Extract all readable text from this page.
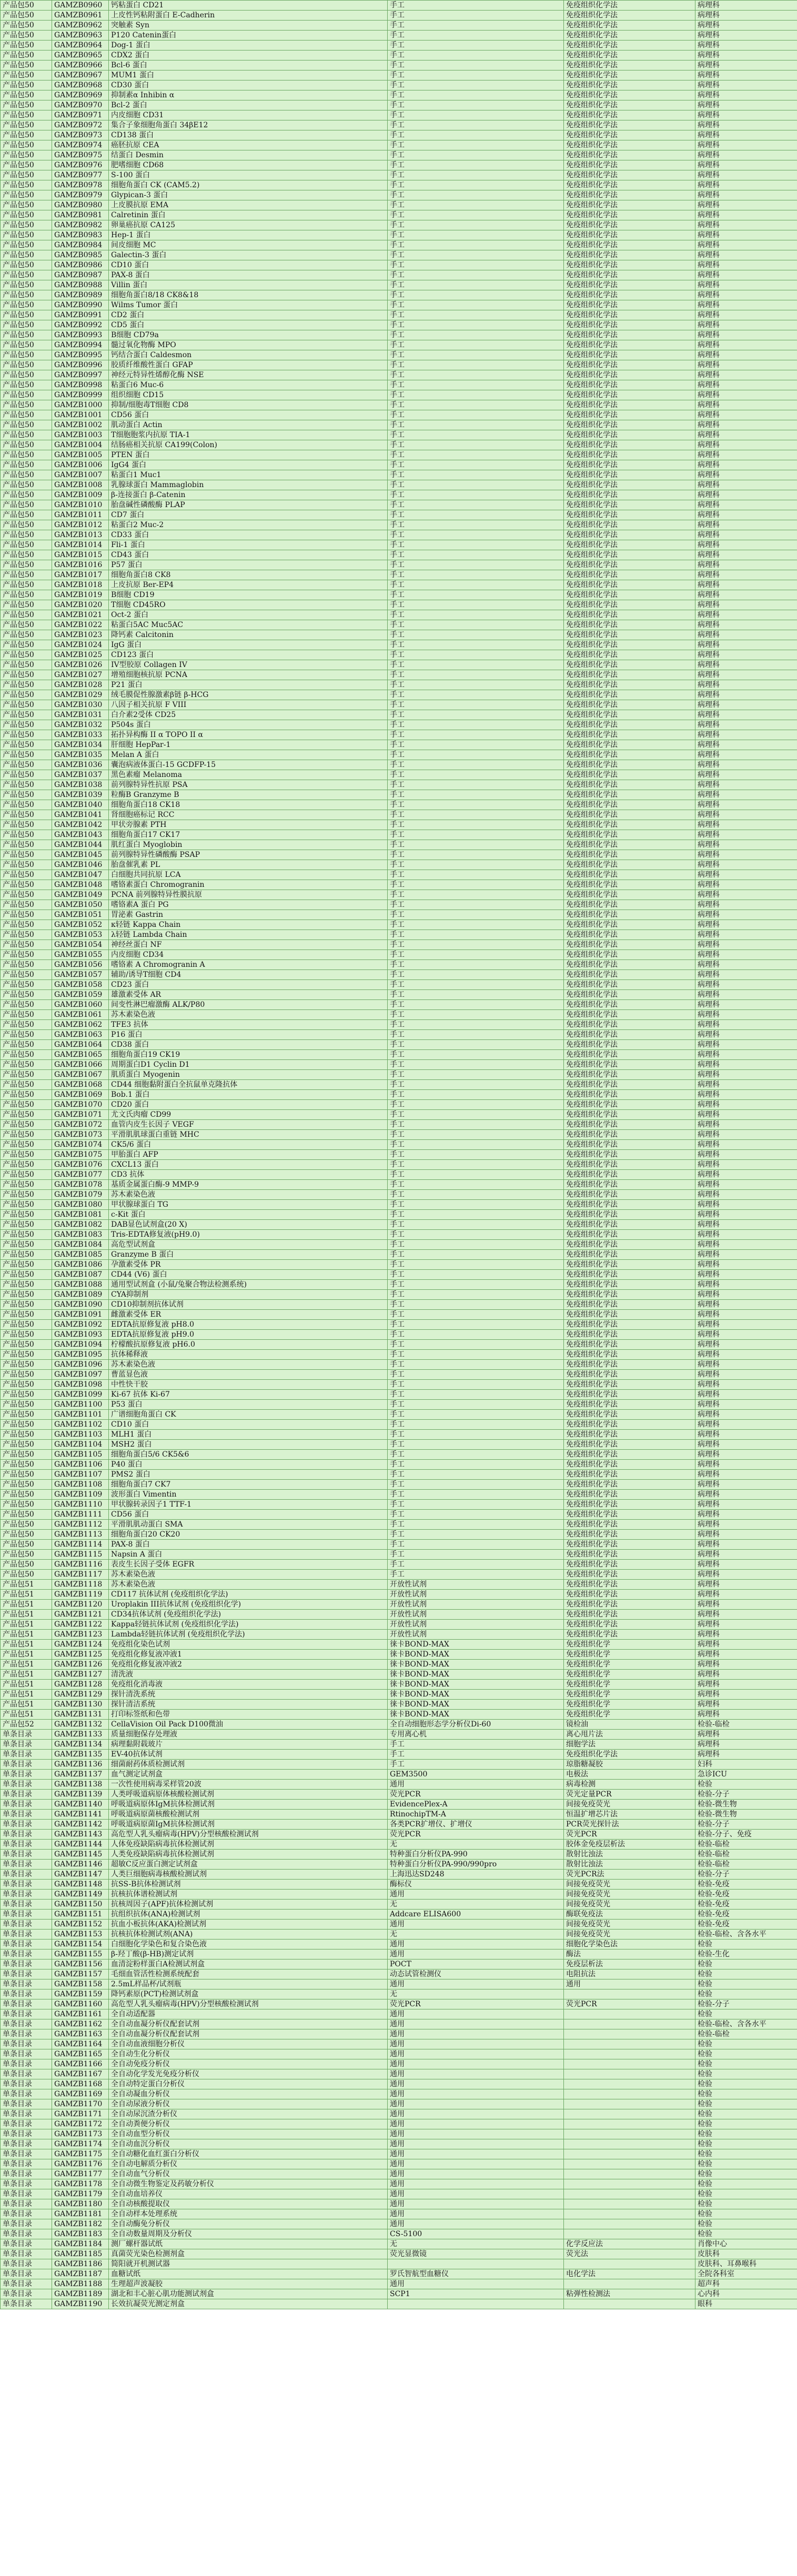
产品包50	GAMZB0960	钙粘蛋白 CD21	手工	免疫组织化学法	病理科
产品包50	GAMZB0961	上皮性钙粘附蛋白 E-Cadherin	手工	免疫组织化学法	病理科
产品包50	GAMZB0962	突触素 Syn	手工	免疫组织化学法	病理科
产品包50	GAMZB0963	P120 Catenin蛋白	手工	免疫组织化学法	病理科
产品包50	GAMZB0964	Dog-1 蛋白	手工	免疫组织化学法	病理科
产品包50	GAMZB0965	CDX2 蛋白	手工	免疫组织化学法	病理科
产品包50	GAMZB0966	Bcl-6 蛋白	手工	免疫组织化学法	病理科
产品包50	GAMZB0967	MUM1 蛋白	手工	免疫组织化学法	病理科
产品包50	GAMZB0968	CD30 蛋白	手工	免疫组织化学法	病理科
产品包50	GAMZB0969	抑制素α Inhibin α	手工	免疫组织化学法	病理科
产品包50	GAMZB0970	Bcl-2 蛋白	手工	免疫组织化学法	病理科
产品包50	GAMZB0971	内皮细胞 CD31	手工	免疫组织化学法	病理科
产品包50	GAMZB0972	集合子象细胞角蛋白 34βE12	手工	免疫组织化学法	病理科
产品包50	GAMZB0973	CD138 蛋白	手工	免疫组织化学法	病理科
产品包50	GAMZB0974	癌胚抗原 CEA	手工	免疫组织化学法	病理科
产品包50	GAMZB0975	结蛋白 Desmin	手工	免疫组织化学法	病理科
产品包50	GAMZB0976	肥嗜细胞 CD68	手工	免疫组织化学法	病理科
产品包50	GAMZB0977	S-100 蛋白	手工	免疫组织化学法	病理科
产品包50	GAMZB0978	细胞角蛋白 CK (CAM5.2)	手工	免疫组织化学法	病理科
产品包50	GAMZB0979	Glypican-3 蛋白	手工	免疫组织化学法	病理科
产品包50	GAMZB0980	上皮膜抗原 EMA	手工	免疫组织化学法	病理科
产品包50	GAMZB0981	Calretinin 蛋白	手工	免疫组织化学法	病理科
产品包50	GAMZB0982	卵巢癌抗原 CA125	手工	免疫组织化学法	病理科
产品包50	GAMZB0983	Hep-1 蛋白	手工	免疫组织化学法	病理科
产品包50	GAMZB0984	间皮细胞 MC	手工	免疫组织化学法	病理科
产品包50	GAMZB0985	Galectin-3 蛋白	手工	免疫组织化学法	病理科
产品包50	GAMZB0986	CD10 蛋白	手工	免疫组织化学法	病理科
产品包50	GAMZB0987	PAX-8 蛋白	手工	免疫组织化学法	病理科
产品包50	GAMZB0988	Villin 蛋白	手工	免疫组织化学法	病理科
产品包50	GAMZB0989	细胞角蛋白8/18 CK8&18	手工	免疫组织化学法	病理科
产品包50	GAMZB0990	Wilms Tumor 蛋白	手工	免疫组织化学法	病理科
产品包50	GAMZB0991	CD2 蛋白	手工	免疫组织化学法	病理科
产品包50	GAMZB0992	CD5 蛋白	手工	免疫组织化学法	病理科
产品包50	GAMZB0993	B细胞 CD79a	手工	免疫组织化学法	病理科
产品包50	GAMZB0994	髓过氧化物酶 MPO	手工	免疫组织化学法	病理科
产品包50	GAMZB0995	钙结合蛋白 Caldesmon	手工	免疫组织化学法	病理科
产品包50	GAMZB0996	胶质纤维酸性蛋白 GFAP	手工	免疫组织化学法	病理科
产品包50	GAMZB0997	神经元特异性烯醇化酶 NSE	手工	免疫组织化学法	病理科
产品包50	GAMZB0998	粘蛋白6 Muc-6	手工	免疫组织化学法	病理科
产品包50	GAMZB0999	组织细胞 CD15	手工	免疫组织化学法	病理科
产品包50	GAMZB1000	抑制/细胞毒T细胞 CD8	手工	免疫组织化学法	病理科
产品包50	GAMZB1001	CD56 蛋白	手工	免疫组织化学法	病理科
产品包50	GAMZB1002	肌动蛋白 Actin	手工	免疫组织化学法	病理科
产品包50	GAMZB1003	T细胞胞浆内抗原 TIA-1	手工	免疫组织化学法	病理科
产品包50	GAMZB1004	结肠癌相关抗原 CA199(Colon)	手工	免疫组织化学法	病理科
产品包50	GAMZB1005	PTEN 蛋白	手工	免疫组织化学法	病理科
产品包50	GAMZB1006	IgG4 蛋白	手工	免疫组织化学法	病理科
产品包50	GAMZB1007	粘蛋白1 Muc1	手工	免疫组织化学法	病理科
产品包50	GAMZB1008	乳腺球蛋白 Mammaglobin	手工	免疫组织化学法	病理科
产品包50	GAMZB1009	β-连接蛋白 β-Catenin	手工	免疫组织化学法	病理科
产品包50	GAMZB1010	胎盘碱性磷酸酶 PLAP	手工	免疫组织化学法	病理科
产品包50	GAMZB1011	CD7 蛋白	手工	免疫组织化学法	病理科
产品包50	GAMZB1012	粘蛋白2 Muc-2	手工	免疫组织化学法	病理科
产品包50	GAMZB1013	CD33 蛋白	手工	免疫组织化学法	病理科
产品包50	GAMZB1014	Fli-1 蛋白	手工	免疫组织化学法	病理科
产品包50	GAMZB1015	CD43 蛋白	手工	免疫组织化学法	病理科
产品包50	GAMZB1016	P57 蛋白	手工	免疫组织化学法	病理科
产品包50	GAMZB1017	细胞角蛋白8 CK8	手工	免疫组织化学法	病理科
产品包50	GAMZB1018	上皮抗原 Ber-EP4	手工	免疫组织化学法	病理科
产品包50	GAMZB1019	B细胞 CD19	手工	免疫组织化学法	病理科
产品包50	GAMZB1020	T细胞 CD45RO	手工	免疫组织化学法	病理科
产品包50	GAMZB1021	Oct-2 蛋白	手工	免疫组织化学法	病理科
产品包50	GAMZB1022	粘蛋白5AC Muc5AC	手工	免疫组织化学法	病理科
产品包50	GAMZB1023	降钙素 Calcitonin	手工	免疫组织化学法	病理科
产品包50	GAMZB1024	IgG 蛋白	手工	免疫组织化学法	病理科
产品包50	GAMZB1025	CD123 蛋白	手工	免疫组织化学法	病理科
产品包50	GAMZB1026	IV型胶原 Collagen IV	手工	免疫组织化学法	病理科
产品包50	GAMZB1027	增殖细胞核抗原 PCNA	手工	免疫组织化学法	病理科
产品包50	GAMZB1028	P21 蛋白	手工	免疫组织化学法	病理科
产品包50	GAMZB1029	绒毛膜促性腺激素β链 β-HCG	手工	免疫组织化学法	病理科
产品包50	GAMZB1030	八因子相关抗原 F VIII	手工	免疫组织化学法	病理科
产品包50	GAMZB1031	白介素2受体 CD25	手工	免疫组织化学法	病理科
产品包50	GAMZB1032	P504s 蛋白	手工	免疫组织化学法	病理科
产品包50	GAMZB1033	拓扑异构酶 II α TOPO II α	手工	免疫组织化学法	病理科
产品包50	GAMZB1034	肝细胞 HepPar-1	手工	免疫组织化学法	病理科
产品包50	GAMZB1035	Melan A 蛋白	手工	免疫组织化学法	病理科
产品包50	GAMZB1036	囊泡病液体蛋白-15 GCDFP-15	手工	免疫组织化学法	病理科
产品包50	GAMZB1037	黑色素瘤 Melanoma	手工	免疫组织化学法	病理科
产品包50	GAMZB1038	前列腺特异性抗原 PSA	手工	免疫组织化学法	病理科
产品包50	GAMZB1039	粒酶B Granzyme B	手工	免疫组织化学法	病理科
产品包50	GAMZB1040	细胞角蛋白18 CK18	手工	免疫组织化学法	病理科
产品包50	GAMZB1041	肾细胞癌标记 RCC	手工	免疫组织化学法	病理科
产品包50	GAMZB1042	甲状旁腺素 PTH	手工	免疫组织化学法	病理科
产品包50	GAMZB1043	细胞角蛋白17 CK17	手工	免疫组织化学法	病理科
产品包50	GAMZB1044	肌红蛋白 Myoglobin	手工	免疫组织化学法	病理科
产品包50	GAMZB1045	前列腺特异性磷酸酶 PSAP	手工	免疫组织化学法	病理科
产品包50	GAMZB1046	胎盘催乳素 PL	手工	免疫组织化学法	病理科
产品包50	GAMZB1047	白细胞共同抗原 LCA	手工	免疫组织化学法	病理科
产品包50	GAMZB1048	嗜铬素蛋白 Chromogranin	手工	免疫组织化学法	病理科
产品包50	GAMZB1049	PCNA 前列腺特异性膜抗原	手工	免疫组织化学法	病理科
产品包50	GAMZB1050	嗜铬素A 蛋白 PG	手工	免疫组织化学法	病理科
产品包50	GAMZB1051	胃泌素 Gastrin	手工	免疫组织化学法	病理科
产品包50	GAMZB1052	κ轻链 Kappa Chain	手工	免疫组织化学法	病理科
产品包50	GAMZB1053	λ轻链 Lambda Chain	手工	免疫组织化学法	病理科
产品包50	GAMZB1054	神经丝蛋白 NF	手工	免疫组织化学法	病理科
产品包50	GAMZB1055	内皮细胞 CD34	手工	免疫组织化学法	病理科
产品包50	GAMZB1056	嗜铬素 A Chromogranin A	手工	免疫组织化学法	病理科
产品包50	GAMZB1057	辅助/诱导T细胞 CD4	手工	免疫组织化学法	病理科
产品包50	GAMZB1058	CD23 蛋白	手工	免疫组织化学法	病理科
产品包50	GAMZB1059	雄激素受体 AR	手工	免疫组织化学法	病理科
产品包50	GAMZB1060	间变性淋巴瘤激酶 ALK/P80	手工	免疫组织化学法	病理科
产品包50	GAMZB1061	苏木素染色液	手工	免疫组织化学法	病理科
产品包50	GAMZB1062	TFE3 抗体	手工	免疫组织化学法	病理科
产品包50	GAMZB1063	P16 蛋白	手工	免疫组织化学法	病理科
产品包50	GAMZB1064	CD38 蛋白	手工	免疫组织化学法	病理科
产品包50	GAMZB1065	细胞角蛋白19 CK19	手工	免疫组织化学法	病理科
产品包50	GAMZB1066	周期蛋白D1 Cyclin D1	手工	免疫组织化学法	病理科
产品包50	GAMZB1067	肌质蛋白 Myogenin	手工	免疫组织化学法	病理科
产品包50	GAMZB1068	CD44 细胞黏附蛋白全抗鼠单克隆抗体	手工	免疫组织化学法	病理科
产品包50	GAMZB1069	Bob.1 蛋白	手工	免疫组织化学法	病理科
产品包50	GAMZB1070	CD20 蛋白	手工	免疫组织化学法	病理科
产品包50	GAMZB1071	尤文氏肉瘤 CD99	手工	免疫组织化学法	病理科
产品包50	GAMZB1072	血管内皮生长因子 VEGF	手工	免疫组织化学法	病理科
产品包50	GAMZB1073	平滑肌肌球蛋白重链 MHC	手工	免疫组织化学法	病理科
产品包50	GAMZB1074	CK5/6 蛋白	手工	免疫组织化学法	病理科
产品包50	GAMZB1075	甲胎蛋白 AFP	手工	免疫组织化学法	病理科
产品包50	GAMZB1076	CXCL13 蛋白	手工	免疫组织化学法	病理科
产品包50	GAMZB1077	CD3 抗体	手工	免疫组织化学法	病理科
产品包50	GAMZB1078	基质金属蛋白酶-9 MMP-9	手工	免疫组织化学法	病理科
产品包50	GAMZB1079	苏木素染色液	手工	免疫组织化学法	病理科
产品包50	GAMZB1080	甲状腺球蛋白 TG	手工	免疫组织化学法	病理科
产品包50	GAMZB1081	c-Kit 蛋白	手工	免疫组织化学法	病理科
产品包50	GAMZB1082	DAB显色试剂盒(20 X)	手工	免疫组织化学法	病理科
产品包50	GAMZB1083	Tris-EDTA修复液(pH9.0)	手工	免疫组织化学法	病理科
产品包50	GAMZB1084	高危型试剂盒	手工	免疫组织化学法	病理科
产品包50	GAMZB1085	Granzyme B 蛋白	手工	免疫组织化学法	病理科
产品包50	GAMZB1086	孕激素受体 PR	手工	免疫组织化学法	病理科
产品包50	GAMZB1087	CD44 (V6) 蛋白	手工	免疫组织化学法	病理科
产品包50	GAMZB1088	通用型试剂盒 (小鼠/兔聚合物法检测系统)	手工	免疫组织化学法	病理科
产品包50	GAMZB1089	CYA抑制剂	手工	免疫组织化学法	病理科
产品包50	GAMZB1090	CD10抑制剂抗体试剂	手工	免疫组织化学法	病理科
产品包50	GAMZB1091	雌激素受体 ER	手工	免疫组织化学法	病理科
产品包50	GAMZB1092	EDTA抗原修复液 pH8.0	手工	免疫组织化学法	病理科
产品包50	GAMZB1093	EDTA抗原修复液 pH9.0	手工	免疫组织化学法	病理科
产品包50	GAMZB1094	柠檬酸抗原修复液 pH6.0	手工	免疫组织化学法	病理科
产品包50	GAMZB1095	抗体稀释液	手工	免疫组织化学法	病理科
产品包50	GAMZB1096	苏木素染色液	手工	免疫组织化学法	病理科
产品包50	GAMZB1097	曹蓝显色液	手工	免疫组织化学法	病理科
产品包50	GAMZB1098	中性快干胶	手工	免疫组织化学法	病理科
产品包50	GAMZB1099	Ki-67 抗体 Ki-67	手工	免疫组织化学法	病理科
产品包50	GAMZB1100	P53 蛋白	手工	免疫组织化学法	病理科
产品包50	GAMZB1101	广谱细胞角蛋白 CK	手工	免疫组织化学法	病理科
产品包50	GAMZB1102	CD10 蛋白	手工	免疫组织化学法	病理科
产品包50	GAMZB1103	MLH1 蛋白	手工	免疫组织化学法	病理科
产品包50	GAMZB1104	MSH2 蛋白	手工	免疫组织化学法	病理科
产品包50	GAMZB1105	细胞角蛋白5/6 CK5&6	手工	免疫组织化学法	病理科
产品包50	GAMZB1106	P40 蛋白	手工	免疫组织化学法	病理科
产品包50	GAMZB1107	PMS2 蛋白	手工	免疫组织化学法	病理科
产品包50	GAMZB1108	细胞角蛋白7 CK7	手工	免疫组织化学法	病理科
产品包50	GAMZB1109	波形蛋白 Vimentin	手工	免疫组织化学法	病理科
产品包50	GAMZB1110	甲状腺转录因子1 TTF-1	手工	免疫组织化学法	病理科
产品包50	GAMZB1111	CD56 蛋白	手工	免疫组织化学法	病理科
产品包50	GAMZB1112	平滑肌肌动蛋白 SMA	手工	免疫组织化学法	病理科
产品包50	GAMZB1113	细胞角蛋白20 CK20	手工	免疫组织化学法	病理科
产品包50	GAMZB1114	PAX-8 蛋白	手工	免疫组织化学法	病理科
产品包50	GAMZB1115	Napsin A 蛋白	手工	免疫组织化学法	病理科
产品包50	GAMZB1116	表皮生长因子受体 EGFR	手工	免疫组织化学法	病理科
产品包50	GAMZB1117	苏木素染色液	手工	免疫组织化学法	病理科
产品包51	GAMZB1118	苏木素染色液	开放性试剂	免疫组织化学法	病理科
产品包51	GAMZB1119	CD117 抗体试剂 (免疫组织化学法)	开放性试剂	免疫组织化学法	病理科
产品包51	GAMZB1120	Uroplakin III抗体试剂 (免疫组织化学)	开放性试剂	免疫组织化学法	病理科
产品包51	GAMZB1121	CD34抗体试剂 (免疫组织化学法)	开放性试剂	免疫组织化学法	病理科
产品包51	GAMZB1122	Kappa轻链抗体试剂 (免疫组织化学法)	开放性试剂	免疫组织化学法	病理科
产品包51	GAMZB1123	Lambda轻链抗体试剂 (免疫组织化学法)	开放性试剂	免疫组织化学法	病理科
产品包51	GAMZB1124	免疫组化染色试剂	徕卡BOND-MAX	免疫组织化学	病理科
产品包51	GAMZB1125	免疫组化修复液冲液1	徕卡BOND-MAX	免疫组织化学	病理科
产品包51	GAMZB1126	免疫组化修复液冲液2	徕卡BOND-MAX	免疫组织化学	病理科
产品包51	GAMZB1127	清洗液	徕卡BOND-MAX	免疫组织化学	病理科
产品包51	GAMZB1128	免疫组化消毒液	徕卡BOND-MAX	免疫组织化学	病理科
产品包51	GAMZB1129	探针清洗系统	徕卡BOND-MAX	免疫组织化学	病理科
产品包51	GAMZB1130	探针清洁系统	徕卡BOND-MAX	免疫组织化学	病理科
产品包51	GAMZB1131	打印标签纸和色带	徕卡BOND-MAX	免疫组织化学	病理科
产品包52	GAMZB1132	CellaVision Oil Pack D100微油	全自动细胞形态学分析仪Di-60	镜检油	检验-临检
单条目录	GAMZB1133	质量细胞保存处理液	专用离心机	离心甩片法	病理科
单条目录	GAMZB1134	病理黏附载玻片	手工	细胞学法	病理科
单条目录	GAMZB1135	EV-40抗体试剂	手工	免疫组织化学法	病理科
单条目录	GAMZB1136	细菌耐药体质检测试剂	手工	琼脂糖凝胶	妇科
单条目录	GAMZB1137	血气测定试剂盒	GEM3500	电极法	急诊ICU
单条目录	GAMZB1138	一次性使用病毒采样管20波	通用	病毒检测	检验
单条目录	GAMZB1139	人类呼吸道病原体核酸检测试剂	荧光PCR	荧光定量PCR	检验-分子
单条目录	GAMZB1140	呼吸道病原体IgM抗体检测试剂	EvidencePlex-A	间接免疫荧光	检验-微生物
单条目录	GAMZB1141	呼吸道病原菌核酸检测试剂	RtinochipTM-A	恒温扩增芯片法	检验-微生物
单条目录	GAMZB1142	呼吸道病原菌IgM抗体检测试剂	各类PCR扩增仪、扩增仪	PCR荧光探针法	检验-分子
单条目录	GAMZB1143	高危型人乳头瘤病毒(HPV)分型核酸检测试剂	荧光PCR	荧光PCR	检验-分子、免疫
单条目录	GAMZB1144	人体免疫缺陷病毒抗体检测试剂	无	胶体金免疫层析法	检验-临检
单条目录	GAMZB1145	人类免疫缺陷病毒抗体检测试剂	特种蛋白分析仪PA-990	散射比浊法	检验-临检
单条目录	GAMZB1146	超敏C反应蛋白测定试剂盒	特种蛋白分析仪PA-990/990pro	散射比浊法	检验-临检
单条目录	GAMZB1147	人类巨细胞病毒核酸检测试剂	上海迅达SD248	荧光PCR法	检验-分子
单条目录	GAMZB1148	抗SS-B抗体检测试剂	酶标仪	间接免疫荧光	检验-免疫
单条目录	GAMZB1149	抗核抗体谱检测试剂	通用	间接免疫荧光	检验-免疫
单条目录	GAMZB1150	抗核周因子(APF)抗体检测试剂	无	间接免疫荧光	检验-免疫
单条目录	GAMZB1151	抗组织抗体(ANA)检测试剂	Addcare ELISA600	酶联免疫法	检验-免疫
单条目录	GAMZB1152	抗血小板抗体(AKA)检测试剂	通用	间接免疫荧光	检验-免疫
单条目录	GAMZB1153	抗核抗体检测试剂(ANA)	无	间接免疫荧光	检验-临检、含各水平
单条目录	GAMZB1154	白细胞化学染色和复合染色液	通用	细胞化学染色法	检验
单条目录	GAMZB1155	β-羟丁酸(β-HB)测定试剂	通用	酶法	检验-生化
单条目录	GAMZB1156	血清淀粉样蛋白A检测试剂盒	POCT	免疫层析法	检验
单条目录	GAMZB1157	毛细血管活性检测系统配套	动态试管检测仪	电阻抗法	检验
单条目录	GAMZB1158	2.5mL样品杯/试剂瓶	通用	通用	检验
单条目录	GAMZB1159	降钙素原(PCT)检测试剂盒	无		检验
单条目录	GAMZB1160	高危型人乳头瘤病毒(HPV)分型核酸检测试剂	荧光PCR	荧光PCR	检验-分子
单条目录	GAMZB1161	全自动适配器	通用		检验
单条目录	GAMZB1162	全自动血凝分析仪配套试剂	通用		检验-临检、含各水平
单条目录	GAMZB1163	全自动血凝分析仪配套试剂	通用		检验-临检
单条目录	GAMZB1164	全自动血液细胞分析仪	通用		检验
单条目录	GAMZB1165	全自动生化分析仪	通用		检验
单条目录	GAMZB1166	全自动免疫分析仪	通用		检验
单条目录	GAMZB1167	全自动化学发光免疫分析仪	通用		检验
单条目录	GAMZB1168	全自动特定蛋白分析仪	通用		检验
单条目录	GAMZB1169	全自动凝血分析仪	通用		检验
单条目录	GAMZB1170	全自动尿液分析仪	通用		检验
单条目录	GAMZB1171	全自动尿沉渣分析仪	通用		检验
单条目录	GAMZB1172	全自动粪便分析仪	通用		检验
单条目录	GAMZB1173	全自动血型分析仪	通用		检验
单条目录	GAMZB1174	全自动血沉分析仪	通用		检验
单条目录	GAMZB1175	全自动糖化血红蛋白分析仪	通用		检验
单条目录	GAMZB1176	全自动电解质分析仪	通用		检验
单条目录	GAMZB1177	全自动血气分析仪	通用		检验
单条目录	GAMZB1178	全自动微生物鉴定及药敏分析仪	通用		检验
单条目录	GAMZB1179	全自动血培养仪	通用		检验
单条目录	GAMZB1180	全自动核酸提取仪	通用		检验
单条目录	GAMZB1181	全自动样本处理系统	通用		检验
单条目录	GAMZB1182	全自动酶免分析仪	通用		检验
单条目录	GAMZB1183	全自动数量周期及分析仪	CS-5100		检验
单条目录	GAMZB1184	测厂螺杆器试纸	无	化学反应法	肖像中心
单条目录	GAMZB1185	真菌荧光染色检测剂盒	荧光显微镜	荧光法	皮肤科
单条目录	GAMZB1186	简阳就开机测试器			皮肤科、耳鼻喉科
单条目录	GAMZB1187	血糖试纸	罗氏智航型血糖仪	电化学法	全院各科室
单条目录	GAMZB1188	生理超声波凝胶	通用		超声科
单条目录	GAMZB1189	湖北和丰心脏心肌功能测试剂盒	SCP1	粘弹性检测法	心内科
单条目录	GAMZB1190	长效抗凝荧光测定剂盒			眼科
